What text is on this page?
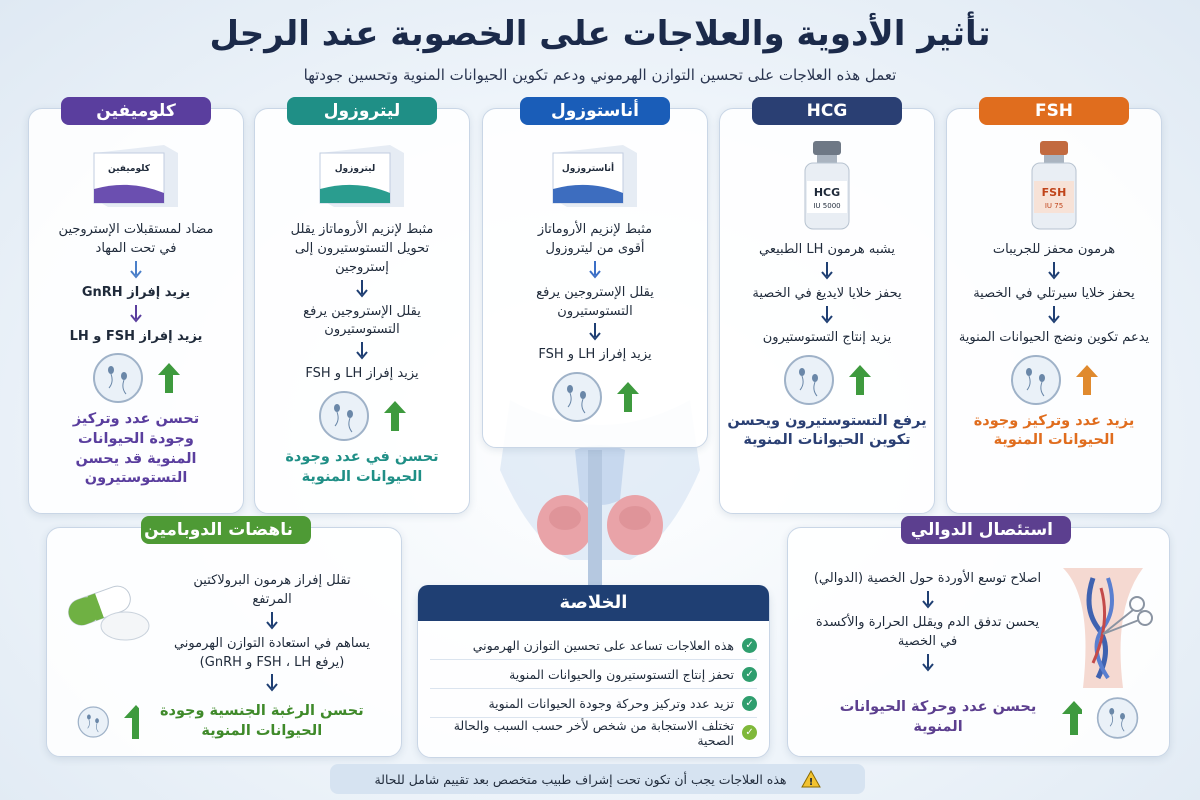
تأثير الأدوية والعلاجات على الخصوبة عند الرجل
تعمل هذه العلاجات على تحسين التوازن الهرموني ودعم تكوين الحيوانات المنوية وتحسين جودتها
FSH
FSH
75 IU
هرمون محفز للجريبات
يحفز خلايا سيرتلي في الخصية
يدعم تكوين ونضج الحيوانات المنوية
يزيد عدد وتركيز وجودة الحيوانات المنوية
HCG
HCG
5000 IU
يشبه هرمون LH الطبيعي
يحفز خلايا لايديغ في الخصية
يزيد إنتاج التستوستيرون
يرفع التستوستيرون ويحسن تكوين الحيوانات المنوية
أناستوزول
أناستروزول
مثبط لإنزيم الأروماتاز أقوى من ليتروزول
يقلل الإستروجين يرفع التستوستيرون
يزيد إفراز LH و FSH
ليتروزول
ليتروزول
مثبط لإنزيم الأروماتاز يقلل تحويل التستوستيرون إلى إستروجين
يقلل الإستروجين يرفع التستوستيرون
يزيد إفراز LH و FSH
تحسن في عدد وجودة الحيوانات المنوية
كلوميفين
كلوميفين
مضاد لمستقبلات الإستروجين في تحت المهاد
يزيد إفراز GnRH
يزيد إفراز FSH و LH
تحسن عدد وتركيز وجودة الحيوانات المنوية قد يحسن التستوستيرون
ناهضات الدوبامين
تقلل إفراز هرمون البرولاكتين المرتفع
يساهم في استعادة التوازن الهرموني (يرفع FSH ، LH و GnRH)
تحسن الرغبة الجنسية وجودة الحيوانات المنوية
استئصال الدوالي
اصلاح توسع الأوردة حول الخصية (الدوالي)
يحسن تدفق الدم ويقلل الحرارة والأكسدة في الخصية
يحسن عدد وحركة الحيوانات المنوية
الخلاصة
✓
هذه العلاجات تساعد على تحسين التوازن الهرموني
✓
تحفز إنتاج التستوستيرون والحيوانات المنوية
✓
تزيد عدد وتركيز وحركة وجودة الحيوانات المنوية
✓
تختلف الاستجابة من شخص لأخر حسب السبب والحالة الصحية
!
هذه العلاجات يجب أن تكون تحت إشراف طبيب متخصص بعد تقييم شامل للحالة
